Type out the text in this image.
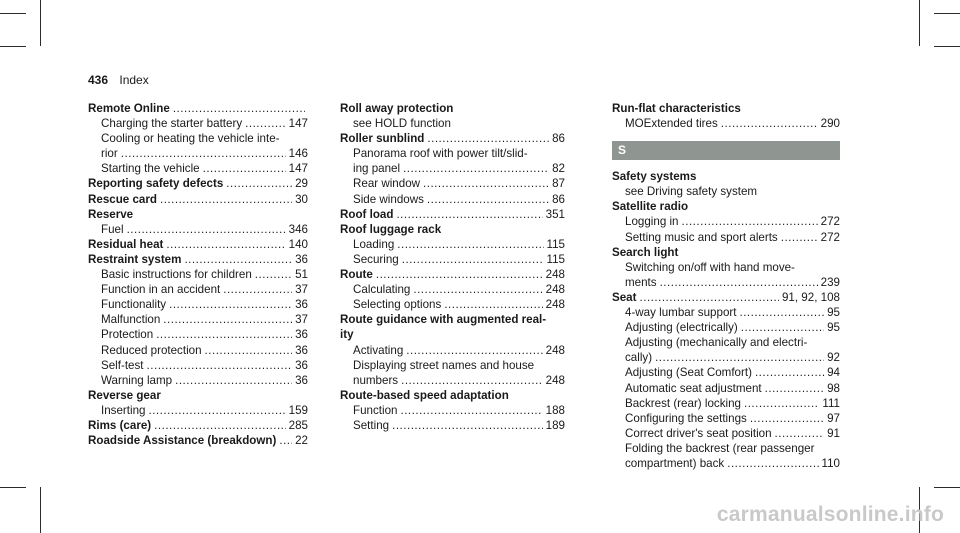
436 Index
Remote Online
.....
Charging the starter battery .....	147
Cooling or heating the vehicle inte-
rior .....	146
Starting the vehicle .....	147
Reporting safety defects .....	29
Rescue card .....	30
Reserve
Fuel .....	346
Residual heat .....	140
Restraint system .....	36
Basic instructions for children .....	51
Function in an accident .....	37
Functionality .....	36
Malfunction .....	37
Protection .....	36
Reduced protection .....	36
Self-test .....	36
Warning lamp .....	36
Reverse gear
Inserting .....	159
Rims (care) .....	285
Roadside Assistance (breakdown) ..... 22
Roll away protection
see HOLD function
Roller sunblind .....	86
Panorama roof with power tilt/slid-
ing panel .....	82
Rear window .....	87
Side windows .....	86
Roof load .....	351
Roof luggage rack
Loading .....	115
Securing .....	115
Route .....	248
Calculating .....	248
Selecting options .....	248
Route guidance with augmented real-
ity
Activating .....	248
Displaying street names and house
numbers .....	248
Route-based speed adaptation
Function .....	188
Setting .....	189
Run-flat characteristics
MOExtended tires .....	290
S
Safety systems
see Driving safety system
Satellite radio
Logging in .....	272
Setting music and sport alerts .....	272
Search light
Switching on/off with hand move-
ments .....	239
Seat .....	91, 92, 108
4-way lumbar support .....	95
Adjusting (electrically) .....	95
Adjusting (mechanically and electri-
cally) .....	92
Adjusting (Seat Comfort) .....	94
Automatic seat adjustment .....	98
Backrest (rear) locking .....	111
Configuring the settings .....	97
Correct driver's seat position .....	91
Folding the backrest (rear passenger
compartment) back .....	110
carmanualsonline.info
